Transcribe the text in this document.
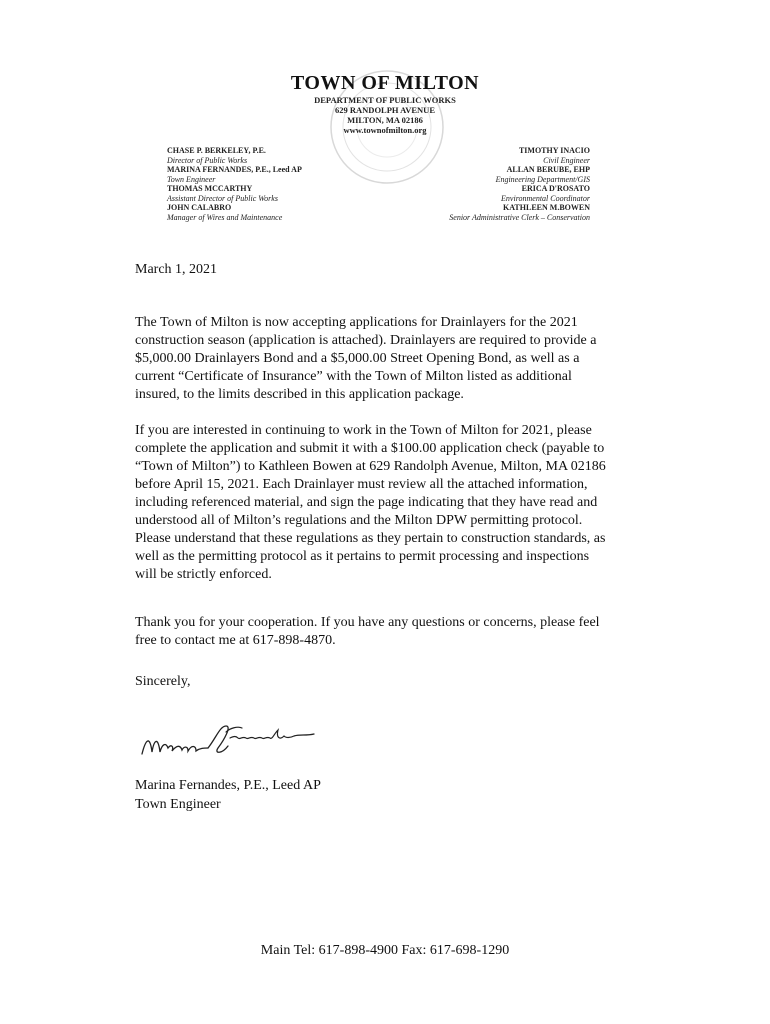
TOWN OF MILTON
DEPARTMENT OF PUBLIC WORKS
629 RANDOLPH AVENUE
MILTON, MA 02186
www.townofmilton.org
CHASE P. BERKELEY, P.E.
Director of Public Works
MARINA FERNANDES, P.E., Leed AP
Town Engineer
THOMAS MCCARTHY
Assistant Director of Public Works
JOHN CALABRO
Manager of Wires and Maintenance
TIMOTHY INACIO
Civil Engineer
ALLAN BERUBE, EHP
Engineering Department/GIS
ERICA D'ROSATO
Environmental Coordinator
KATHLEEN M.BOWEN
Senior Administrative Clerk – Conservation
March 1, 2021

The Town of Milton is now accepting applications for Drainlayers for the 2021
construction season (application is attached). Drainlayers are required to provide a
$5,000.00 Drainlayers Bond and a $5,000.00 Street Opening Bond, as well as a
current “Certificate of Insurance” with the Town of Milton listed as additional
insured, to the limits described in this application package.

If you are interested in continuing to work in the Town of Milton for 2021, please
complete the application and submit it with a $100.00 application check (payable to
“Town of Milton”) to Kathleen Bowen at 629 Randolph Avenue, Milton, MA 02186
before April 15, 2021. Each Drainlayer must review all the attached information,
including referenced material, and sign the page indicating that they have read and
understood all of Milton’s regulations and the Milton DPW permitting protocol.
Please understand that these regulations as they pertain to construction standards, as
well as the permitting protocol as it pertains to permit processing and inspections
will be strictly enforced.

Thank you for your cooperation. If you have any questions or concerns, please feel
free to contact me at 617-898-4870.

Sincerely,
Marina Fernandes, P.E., Leed AP
Town Engineer
Main Tel: 617-898-4900 Fax: 617-698-1290
